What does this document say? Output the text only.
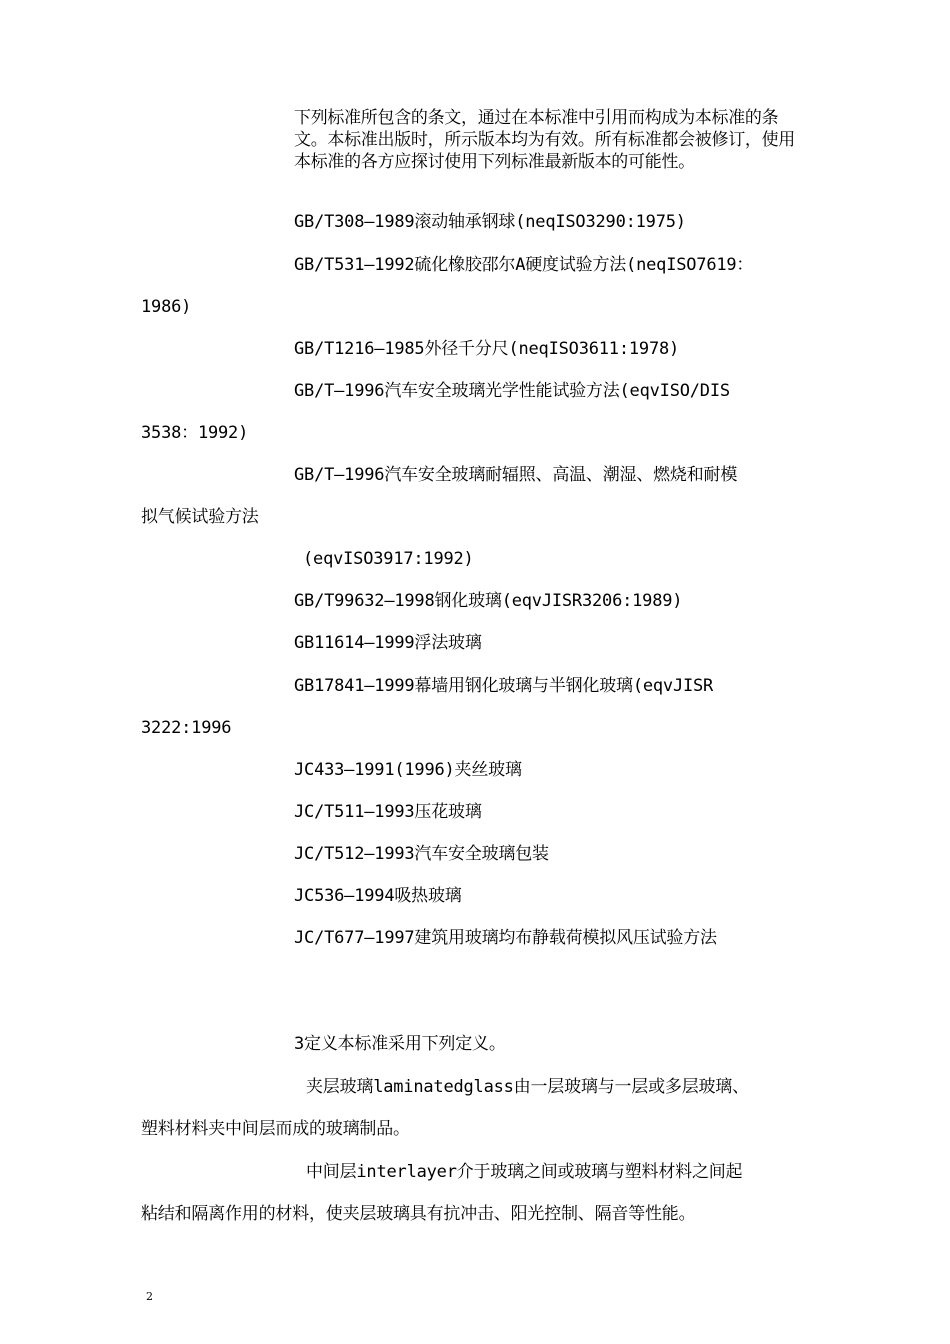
下列标准所包含的条文，通过在本标准中引用而构成为本标准的条文。本标准出版时，所示版本均为有效。所有标准都会被修订，使用本标准的各方应探讨使用下列标准最新版本的可能性。
GB/T308—1989滚动轴承钢球(neqISO3290:1975)
GB/T531—1992硫化橡胶邵尔A硬度试验方法(neqISO7619：
1986)
GB/T1216—1985外径千分尺(neqISO3611:1978)
GB/T—1996汽车安全玻璃光学性能试验方法(eqvISO/DIS
3538：1992)
GB/T—1996汽车安全玻璃耐辐照、高温、潮湿、燃烧和耐模
拟气候试验方法
(eqvISO3917:1992)
GB/T99632—1998钢化玻璃(eqvJISR3206:1989)
GB11614—1999浮法玻璃
GB17841—1999幕墙用钢化玻璃与半钢化玻璃(eqvJISR
3222:1996
JC433—1991(1996)夹丝玻璃
JC/T511—1993压花玻璃
JC/T512—1993汽车安全玻璃包装
JC536—1994吸热玻璃
JC/T677—1997建筑用玻璃均布静载荷模拟风压试验方法
3定义本标准采用下列定义。
夹层玻璃laminatedglass由一层玻璃与一层或多层玻璃、
塑料材料夹中间层而成的玻璃制品。
中间层interlayer介于玻璃之间或玻璃与塑料材料之间起
粘结和隔离作用的材料，使夹层玻璃具有抗冲击、阳光控制、隔音等性能。
2
